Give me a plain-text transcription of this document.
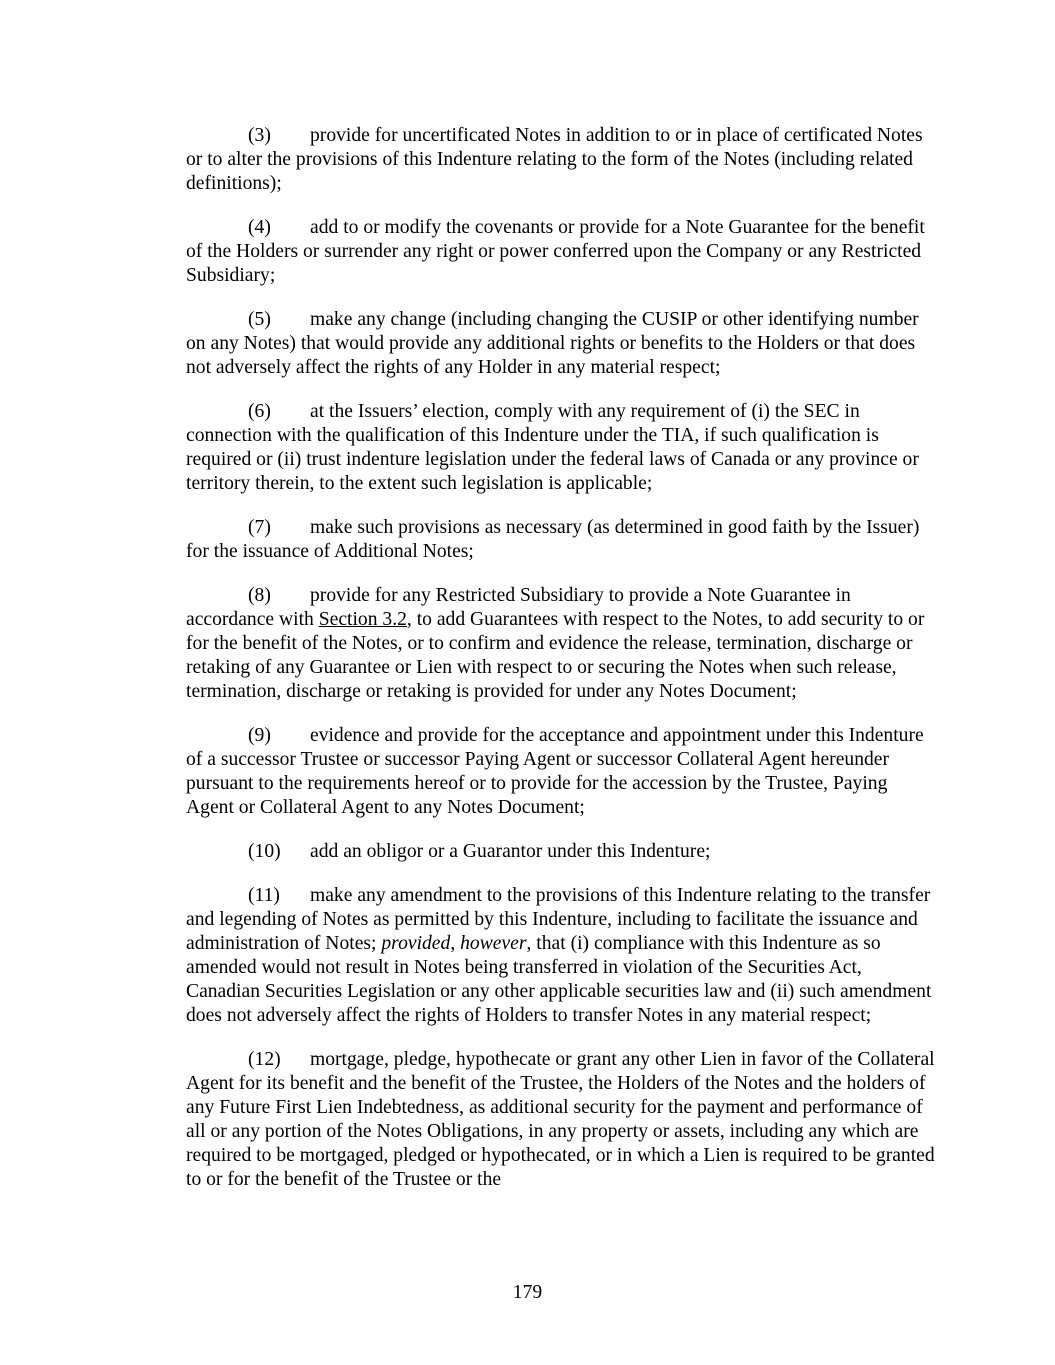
(3) provide for uncertificated Notes in addition to or in place of certificated Notes or to alter the provisions of this Indenture relating to the form of the Notes (including related definitions);

(4) add to or modify the covenants or provide for a Note Guarantee for the benefit of the Holders or surrender any right or power conferred upon the Company or any Restricted Subsidiary;

(5) make any change (including changing the CUSIP or other identifying number on any Notes) that would provide any additional rights or benefits to the Holders or that does not adversely affect the rights of any Holder in any material respect;

(6) at the Issuers’ election, comply with any requirement of (i) the SEC in connection with the qualification of this Indenture under the TIA, if such qualification is required or (ii) trust indenture legislation under the federal laws of Canada or any province or territory therein, to the extent such legislation is applicable;

(7) make such provisions as necessary (as determined in good faith by the Issuer) for the issuance of Additional Notes;

(8) provide for any Restricted Subsidiary to provide a Note Guarantee in accordance with Section 3.2, to add Guarantees with respect to the Notes, to add security to or for the benefit of the Notes, or to confirm and evidence the release, termination, discharge or retaking of any Guarantee or Lien with respect to or securing the Notes when such release, termination, discharge or retaking is provided for under any Notes Document;

(9) evidence and provide for the acceptance and appointment under this Indenture of a successor Trustee or successor Paying Agent or successor Collateral Agent hereunder pursuant to the requirements hereof or to provide for the accession by the Trustee, Paying Agent or Collateral Agent to any Notes Document;

(10) add an obligor or a Guarantor under this Indenture;

(11) make any amendment to the provisions of this Indenture relating to the transfer and legending of Notes as permitted by this Indenture, including to facilitate the issuance and administration of Notes; provided, however, that (i) compliance with this Indenture as so amended would not result in Notes being transferred in violation of the Securities Act, Canadian Securities Legislation or any other applicable securities law and (ii) such amendment does not adversely affect the rights of Holders to transfer Notes in any material respect;

(12) mortgage, pledge, hypothecate or grant any other Lien in favor of the Collateral Agent for its benefit and the benefit of the Trustee, the Holders of the Notes and the holders of any Future First Lien Indebtedness, as additional security for the payment and performance of all or any portion of the Notes Obligations, in any property or assets, including any which are required to be mortgaged, pledged or hypothecated, or in which a Lien is required to be granted to or for the benefit of the Trustee or the

179
